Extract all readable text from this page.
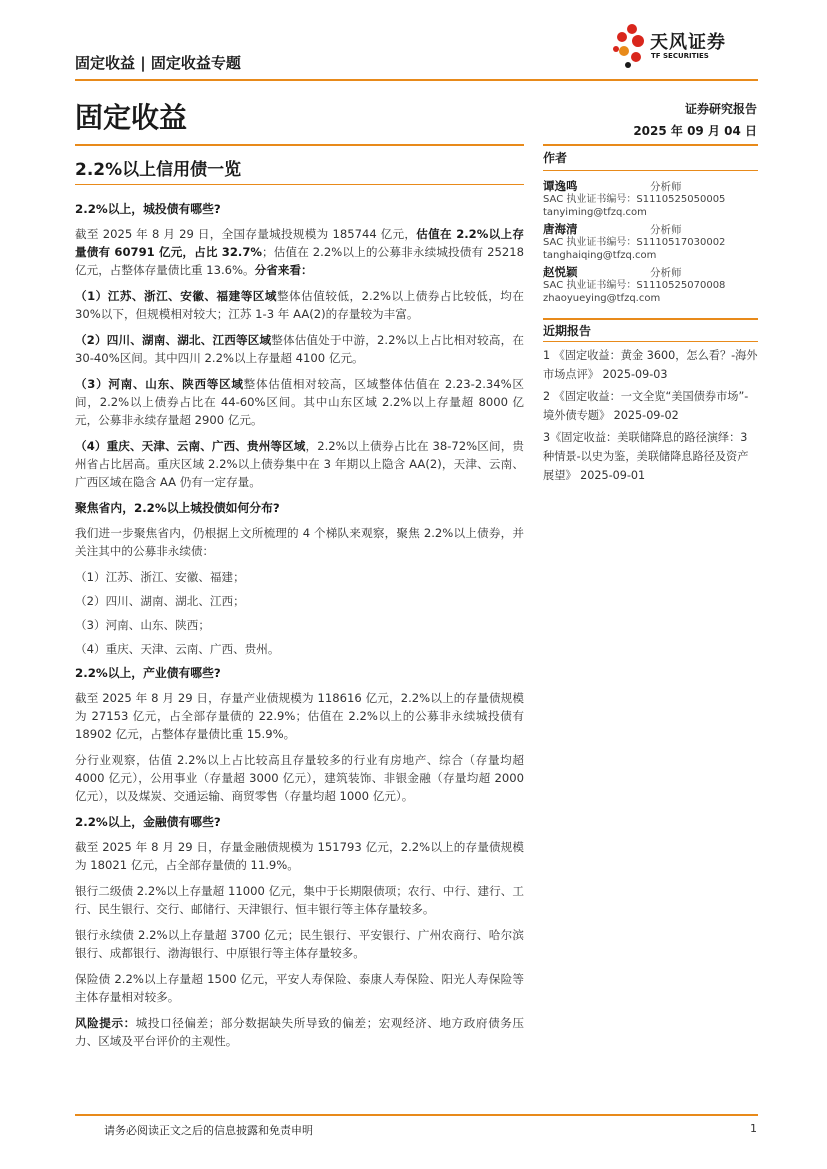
固定收益 | 固定收益专题
天风证券
TF SECURITIES
固定收益	证券研究报告
2025 年 09 月 04 日
2.2%以上信用债一览
2.2%以上，城投债有哪些?

截至 2025 年 8 月 29 日，全国存量城投规模为 185744 亿元，估值在 2.2%以上存量债有 60791 亿元，占比 32.7%；估值在 2.2%以上的公募非永续城投债有 25218 亿元，占整体存量债比重 13.6%。分省来看：

（1）江苏、浙江、安徽、福建等区域整体估值较低，2.2%以上债券占比较低，均在 30%以下，但规模相对较大；江苏 1-3 年 AA(2)的存量较为丰富。

（2）四川、湖南、湖北、江西等区域整体估值处于中游，2.2%以上占比相对较高，在 30-40%区间。其中四川 2.2%以上存量超 4100 亿元。

（3）河南、山东、陕西等区域整体估值相对较高，区域整体估值在 2.23-2.34%区间，2.2%以上债券占比在 44-60%区间。其中山东区域 2.2%以上存量超 8000 亿元，公募非永续存量超 2900 亿元。

（4）重庆、天津、云南、广西、贵州等区域，2.2%以上债券占比在 38-72%区间，贵州省占比居高。重庆区域 2.2%以上债券集中在 3 年期以上隐含 AA(2)，天津、云南、广西区域在隐含 AA 仍有一定存量。

聚焦省内，2.2%以上城投债如何分布?

我们进一步聚焦省内，仍根据上文所梳理的 4 个梯队来观察，聚焦 2.2%以上债券，并关注其中的公募非永续债：

（1）江苏、浙江、安徽、福建；

（2）四川、湖南、湖北、江西；

（3）河南、山东、陕西；

（4）重庆、天津、云南、广西、贵州。

2.2%以上，产业债有哪些?

截至 2025 年 8 月 29 日，存量产业债规模为 118616 亿元，2.2%以上的存量债规模为 27153 亿元，占全部存量债的 22.9%；估值在 2.2%以上的公募非永续城投债有 18902 亿元，占整体存量债比重 15.9%。

分行业观察，估值 2.2%以上占比较高且存量较多的行业有房地产、综合（存量均超 4000 亿元），公用事业（存量超 3000 亿元），建筑装饰、非银金融（存量均超 2000 亿元），以及煤炭、交通运输、商贸零售（存量均超 1000 亿元）。

2.2%以上，金融债有哪些?

截至 2025 年 8 月 29 日，存量金融债规模为 151793 亿元，2.2%以上的存量债规模为 18021 亿元，占全部存量债的 11.9%。

银行二级债 2.2%以上存量超 11000 亿元，集中于长期限债项；农行、中行、建行、工行、民生银行、交行、邮储行、天津银行、恒丰银行等主体存量较多。

银行永续债 2.2%以上存量超 3700 亿元；民生银行、平安银行、广州农商行、哈尔滨银行、成都银行、渤海银行、中原银行等主体存量较多。

保险债 2.2%以上存量超 1500 亿元，平安人寿保险、泰康人寿保险、阳光人寿保险等主体存量相对较多。

风险提示：城投口径偏差；部分数据缺失所导致的偏差；宏观经济、地方政府债务压力、区域及平台评价的主观性。

作者
谭逸鸣	分析师
SAC 执业证书编号：S1110525050005
tanyiming@tfzq.com
唐海清	分析师
SAC 执业证书编号：S1110517030002
tanghaiqing@tfzq.com
赵悦颖	分析师
SAC 执业证书编号：S1110525070008
zhaoyueying@tfzq.com
近期报告
1 《固定收益：黄金 3600，怎么看？-海外市场点评》 2025-09-03
2 《固定收益：一文全览“美国债券市场”-境外债专题》 2025-09-02
3《固定收益：美联储降息的路径演绎：3 种情景-以史为鉴，美联储降息路径及资产展望》 2025-09-01
请务必阅读正文之后的信息披露和免责申明	1
